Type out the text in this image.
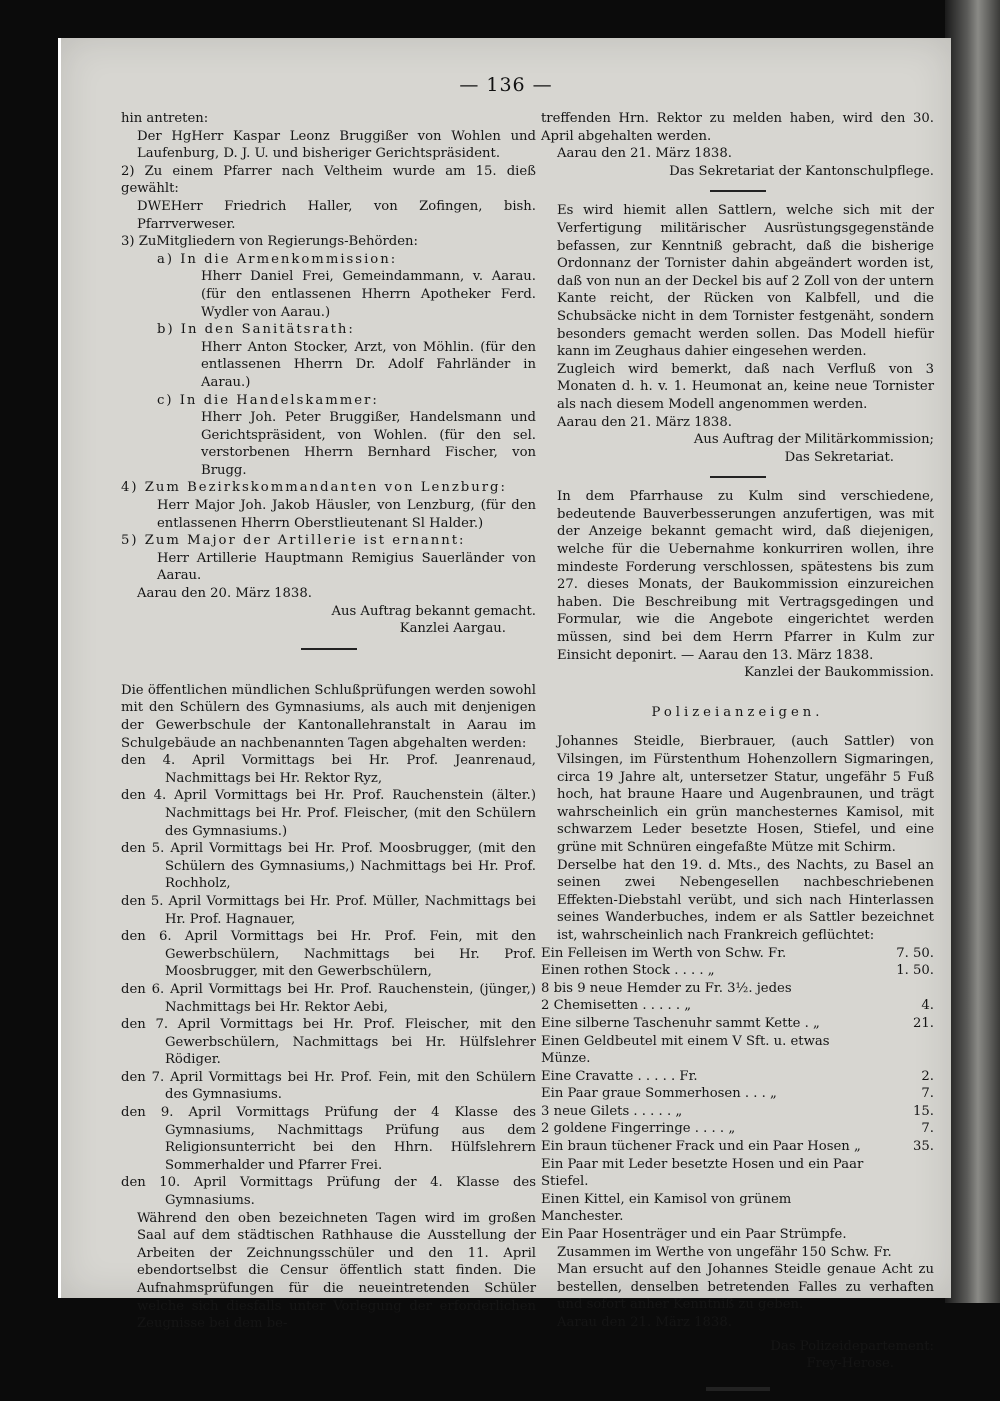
— 136 —

hin antreten:

Der HgHerr Kaspar Leonz Bruggißer von Wohlen und Laufenburg, D. J. U. und bisheriger Gerichtspräsident.

2) Zu einem Pfarrer nach Veltheim wurde am 15. dieß gewählt:

DWEHerr Friedrich Haller, von Zofingen, bish. Pfarrverweser.

3) ZuMitgliedern von Regierungs-Behörden:

a) In die Armenkommission:

Hherr Daniel Frei, Gemeindammann, v. Aarau. (für den entlassenen Hherrn Apotheker Ferd. Wydler von Aarau.)

b) In den Sanitätsrath:

Hherr Anton Stocker, Arzt, von Möhlin. (für den entlassenen Hherrn Dr. Adolf Fahrländer in Aarau.)

c) In die Handelskammer:

Hherr Joh. Peter Bruggißer, Handelsmann und Gerichtspräsident, von Wohlen. (für den sel. verstorbenen Hherrn Bernhard Fischer, von Brugg.

4) Zum Bezirkskommandanten von Lenzburg:

Herr Major Joh. Jakob Häusler, von Lenzburg, (für den entlassenen Hherrn Oberstlieutenant Sl Halder.)

5) Zum Major der Artillerie ist ernannt:

Herr Artillerie Hauptmann Remigius Sauerländer von Aarau.

Aarau den 20. März 1838.

Aus Auftrag bekannt gemacht.

Kanzlei Aargau.

Die öffentlichen mündlichen Schlußprüfungen werden sowohl mit den Schülern des Gymnasiums, als auch mit denjenigen der Gewerbschule der Kantonallehranstalt in Aarau im Schulgebäude an nachbenannten Tagen abgehalten werden:

den 4. April Vormittags bei Hr. Prof. Jeanrenaud, Nachmittags bei Hr. Rektor Ryz,

den 4. April Vormittags bei Hr. Prof. Rauchenstein (älter.) Nachmittags bei Hr. Prof. Fleischer, (mit den Schülern des Gymnasiums.)

den 5. April Vormittags bei Hr. Prof. Moosbrugger, (mit den Schülern des Gymnasiums,) Nachmittags bei Hr. Prof. Rochholz,

den 5. April Vormittags bei Hr. Prof. Müller, Nachmittags bei Hr. Prof. Hagnauer,

den 6. April Vormittags bei Hr. Prof. Fein, mit den Gewerbschülern, Nachmittags bei Hr. Prof. Moosbrugger, mit den Gewerbschülern,

den 6. April Vormittags bei Hr. Prof. Rauchenstein, (jünger,) Nachmittags bei Hr. Rektor Aebi,

den 7. April Vormittags bei Hr. Prof. Fleischer, mit den Gewerbschülern, Nachmittags bei Hr. Hülfslehrer Rödiger.

den 7. April Vormittags bei Hr. Prof. Fein, mit den Schülern des Gymnasiums.

den 9. April Vormittags Prüfung der 4 Klasse des Gymnasiums, Nachmittags Prüfung aus dem Religionsunterricht bei den Hhrn. Hülfslehrern Sommerhalder und Pfarrer Frei.

den 10. April Vormittags Prüfung der 4. Klasse des Gymnasiums.

Während den oben bezeichneten Tagen wird im großen Saal auf dem städtischen Rathhause die Ausstellung der Arbeiten der Zeichnungsschüler und den 11. April ebendortselbst die Censur öffentlich statt finden. Die Aufnahmsprüfungen für die neueintretenden Schüler welche sich diesfalls unter Vorlegung der erforderlichen Zeugnisse bei dem be-

treffenden Hrn. Rektor zu melden haben, wird den 30. April abgehalten werden.

Aarau den 21. März 1838.

Das Sekretariat der Kantonschulpflege.

Es wird hiemit allen Sattlern, welche sich mit der Verfertigung militärischer Ausrüstungsgegenstände befassen, zur Kenntniß gebracht, daß die bisherige Ordonnanz der Tornister dahin abgeändert worden ist, daß von nun an der Deckel bis auf 2 Zoll von der untern Kante reicht, der Rücken von Kalbfell, und die Schubsäcke nicht in dem Tornister festgenäht, sondern besonders gemacht werden sollen. Das Modell hiefür kann im Zeughaus dahier eingesehen werden.

Zugleich wird bemerkt, daß nach Verfluß von 3 Monaten d. h. v. 1. Heumonat an, keine neue Tornister als nach diesem Modell angenommen werden.

Aarau den 21. März 1838.

Aus Auftrag der Militärkommission;

Das Sekretariat.

In dem Pfarrhause zu Kulm sind verschiedene, bedeutende Bauverbesserungen anzufertigen, was mit der Anzeige bekannt gemacht wird, daß diejenigen, welche für die Uebernahme konkurriren wollen, ihre mindeste Forderung verschlossen, spätestens bis zum 27. dieses Monats, der Baukommission einzureichen haben. Die Beschreibung mit Vertragsgedingen und Formular, wie die Angebote eingerichtet werden müssen, sind bei dem Herrn Pfarrer in Kulm zur Einsicht deponirt. — Aarau den 13. März 1838.

Kanzlei der Baukommission.

Polizeianzeigen.

Johannes Steidle, Bierbrauer, (auch Sattler) von Vilsingen, im Fürstenthum Hohenzollern Sigmaringen, circa 19 Jahre alt, untersetzer Statur, ungefähr 5 Fuß hoch, hat braune Haare und Augenbraunen, und trägt wahrscheinlich ein grün manchesternes Kamisol, mit schwarzem Leder besetzte Hosen, Stiefel, und eine grüne mit Schnüren eingefaßte Mütze mit Schirm.

Derselbe hat den 19. d. Mts., des Nachts, zu Basel an seinen zwei Nebengesellen nachbeschriebenen Effekten-Diebstahl verübt, und sich nach Hinterlassen seines Wanderbuches, indem er als Sattler bezeichnet ist, wahrscheinlich nach Frankreich geflüchtet:

Ein Felleisen im Werth von Schw. Fr.	7. 50.
Einen rothen Stock . . . . „	1. 50.
8 bis 9 neue Hemder zu Fr. 3½. jedes	
2 Chemisetten . . . . . „	4.
Eine silberne Taschenuhr sammt Kette . „	21.
Einen Geldbeutel mit einem V Sft. u. etwas Münze.	
Eine Cravatte . . . . . Fr.	2.
Ein Paar graue Sommerhosen . . . „	7.
3 neue Gilets . . . . . „	15.
2 goldene Fingerringe . . . . „	7.
Ein braun tüchener Frack und ein Paar Hosen „	35.
Ein Paar mit Leder besetzte Hosen und ein Paar Stiefel.	
Einen Kittel, ein Kamisol von grünem Manchester.	
Ein Paar Hosenträger und ein Paar Strümpfe.	

Zusammen im Werthe von ungefähr 150 Schw. Fr.

Man ersucht auf den Johannes Steidle genaue Acht zu bestellen, denselben betretenden Falles zu verhaften und sofort anher Kenntniß zu geben.

Aarau den 21. März 1838.

Das Polizeidepartement:

Frey-Herose.
